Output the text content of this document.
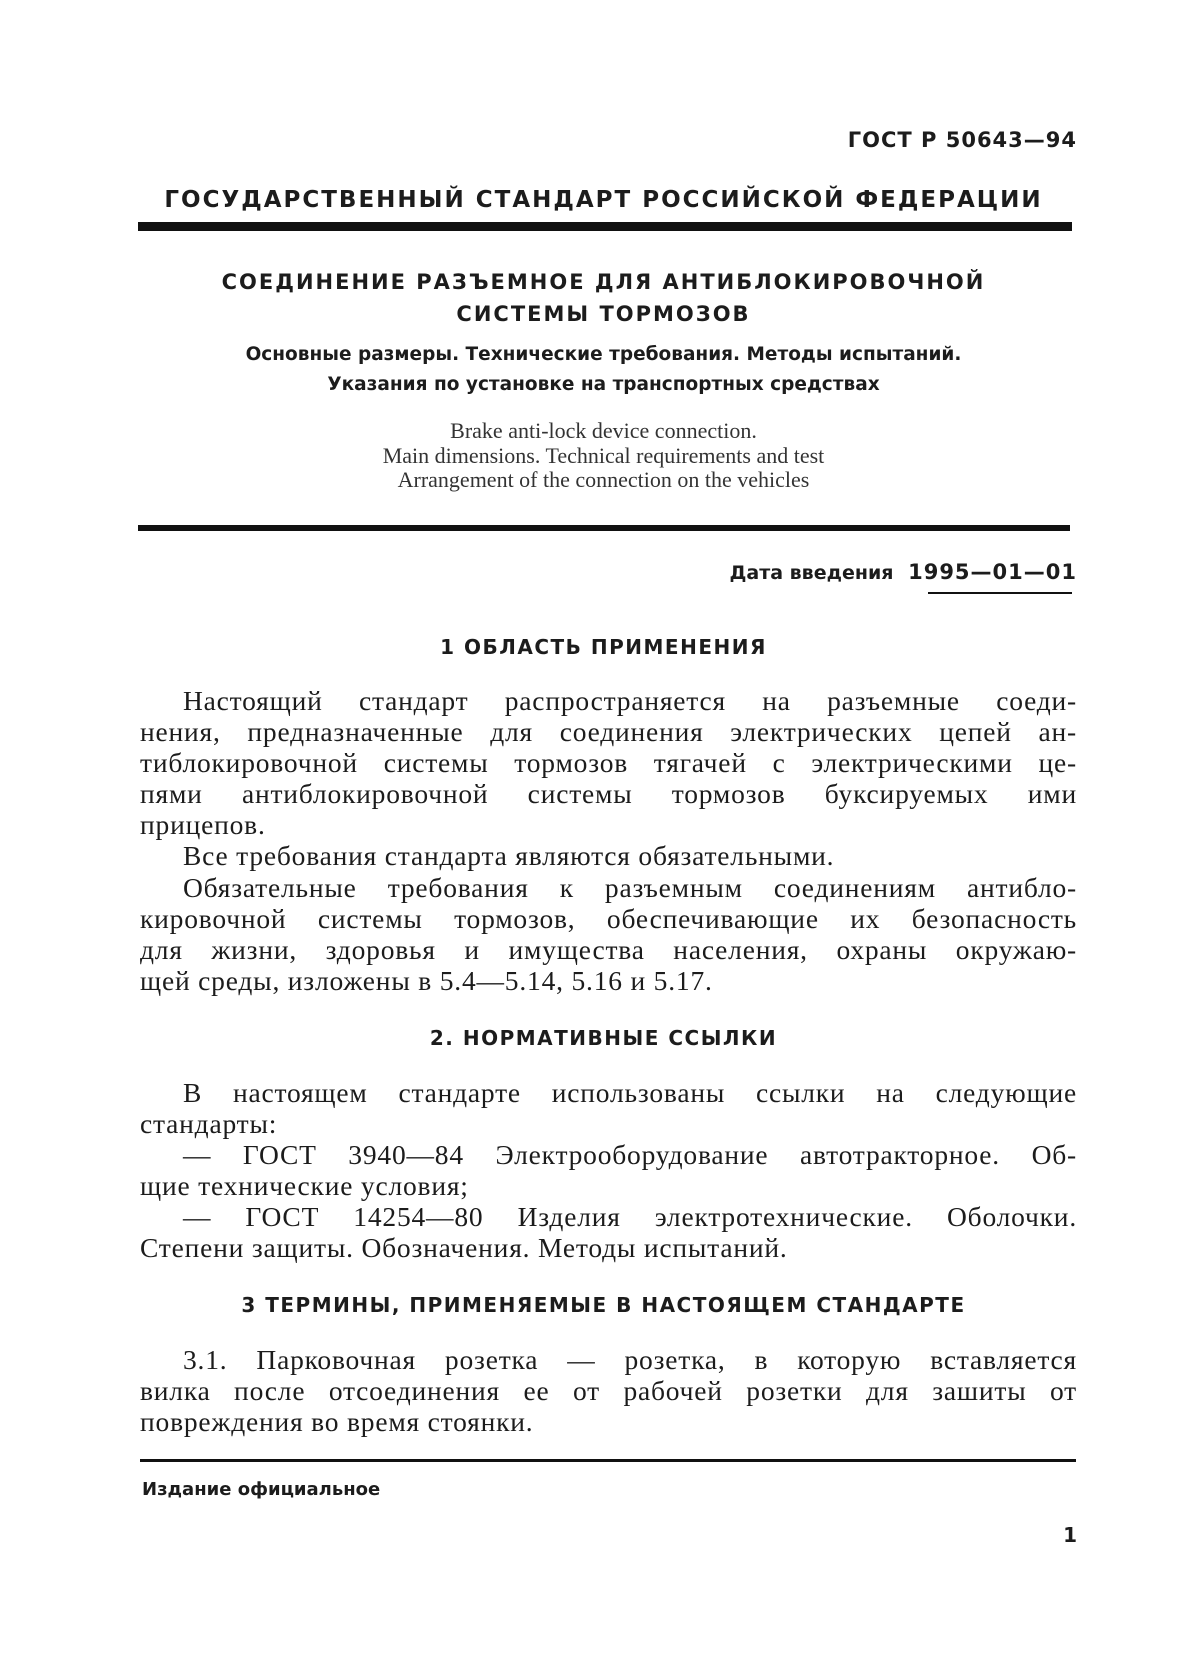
ГОСТ Р 50643—94
ГОСУДАРСТВЕННЫЙ СТАНДАРТ РОССИЙСКОЙ ФЕДЕРАЦИИ
СОЕДИНЕНИЕ РАЗЪЕМНОЕ ДЛЯ АНТИБЛОКИРОВОЧНОЙ
СИСТЕМЫ ТОРМОЗОВ
Основные размеры. Технические требования. Методы испытаний.
Указания по установке на транспортных средствах
Brake anti-lock device connection.
Main dimensions. Technical requirements and test
Arrangement of the connection on the vehicles
Дата введения 1995—01—01
1 ОБЛАСТЬ ПРИМЕНЕНИЯ
Настоящий стандарт распространяется на разъемные соеди-
нения, предназначенные для соединения электрических цепей ан-
тиблокировочной системы тормозов тягачей с электрическими це-
пями антиблокировочной системы тормозов буксируемых ими
прицепов.
Все требования стандарта являются обязательными.
Обязательные требования к разъемным соединениям антибло-
кировочной системы тормозов, обеспечивающие их безопасность
для жизни, здоровья и имущества населения, охраны окружаю-
щей среды, изложены в 5.4—5.14, 5.16 и 5.17.
2. НОРМАТИВНЫЕ ССЫЛКИ
В настоящем стандарте использованы ссылки на следующие
стандарты:
— ГОСТ 3940—84 Электрооборудование автотракторное. Об-
щие технические условия;
— ГОСТ 14254—80 Изделия электротехнические. Оболочки.
Степени защиты. Обозначения. Методы испытаний.
3 ТЕРМИНЫ, ПРИМЕНЯЕМЫЕ В НАСТОЯЩЕМ СТАНДАРТЕ
3.1. Парковочная розетка — розетка, в которую вставляется
вилка после отсоединения ее от рабочей розетки для зашиты от
повреждения во время стоянки.
Издание официальное
1
